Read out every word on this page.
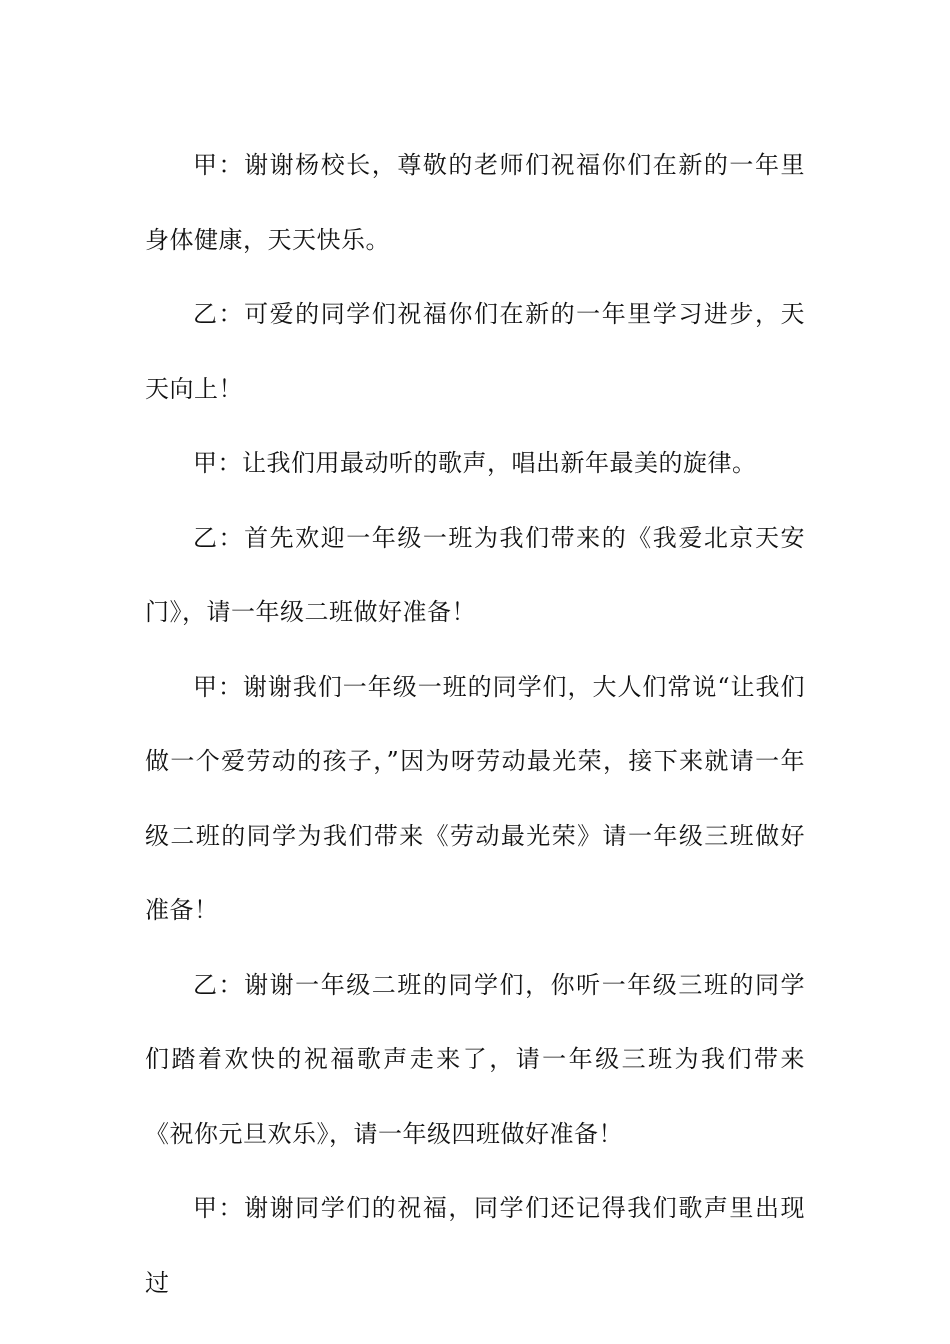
甲：谢谢杨校长，尊敬的老师们祝福你们在新的一年里身体健康，天天快乐。

乙：可爱的同学们祝福你们在新的一年里学习进步，天天向上！

甲：让我们用最动听的歌声，唱出新年最美的旋律。

乙：首先欢迎一年级一班为我们带来的《我爱北京天安门》，请一年级二班做好准备！

甲：谢谢我们一年级一班的同学们，大人们常说“让我们做一个爱劳动的孩子，”因为呀劳动最光荣，接下来就请一年级二班的同学为我们带来《劳动最光荣》请一年级三班做好准备！

乙：谢谢一年级二班的同学们，你听一年级三班的同学们踏着欢快的祝福歌声走来了，请一年级三班为我们带来《祝你元旦欢乐》，请一年级四班做好准备！

甲：谢谢同学们的祝福，同学们还记得我们歌声里出现过
